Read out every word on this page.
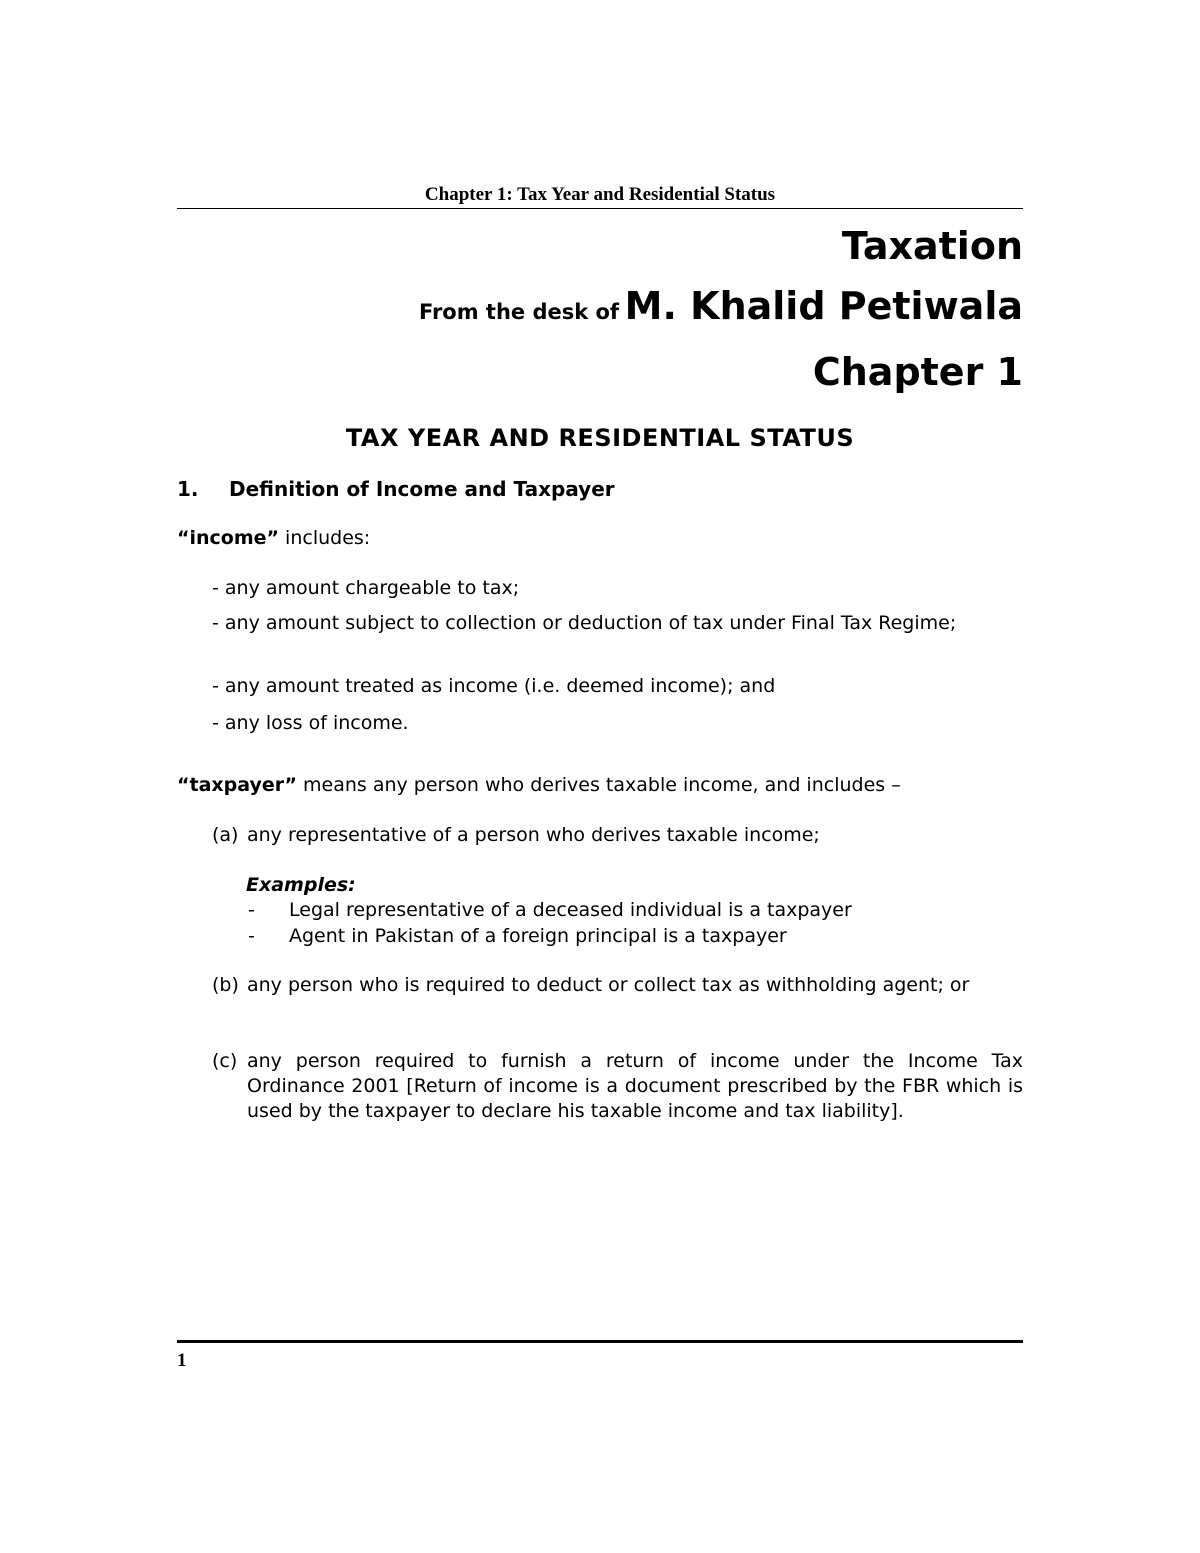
Chapter 1: Tax Year and Residential Status
Taxation
From the desk of M. Khalid Petiwala
Chapter 1
TAX YEAR AND RESIDENTIAL STATUS
1. Definition of Income and Taxpayer
“income” includes:
- any amount chargeable to tax;
- any amount subject to collection or deduction of tax under Final Tax Regime;
- any amount treated as income (i.e. deemed income); and
- any loss of income.
“taxpayer” means any person who derives taxable income, and includes –
(a) any representative of a person who derives taxable income;
Examples:
-	Legal representative of a deceased individual is a taxpayer
-	Agent in Pakistan of a foreign principal is a taxpayer
(b) any person who is required to deduct or collect tax as withholding agent; or
(c) any person required to furnish a return of income under the Income Tax Ordinance 2001 [Return of income is a document prescribed by the FBR which is used by the taxpayer to declare his taxable income and tax liability].
1
